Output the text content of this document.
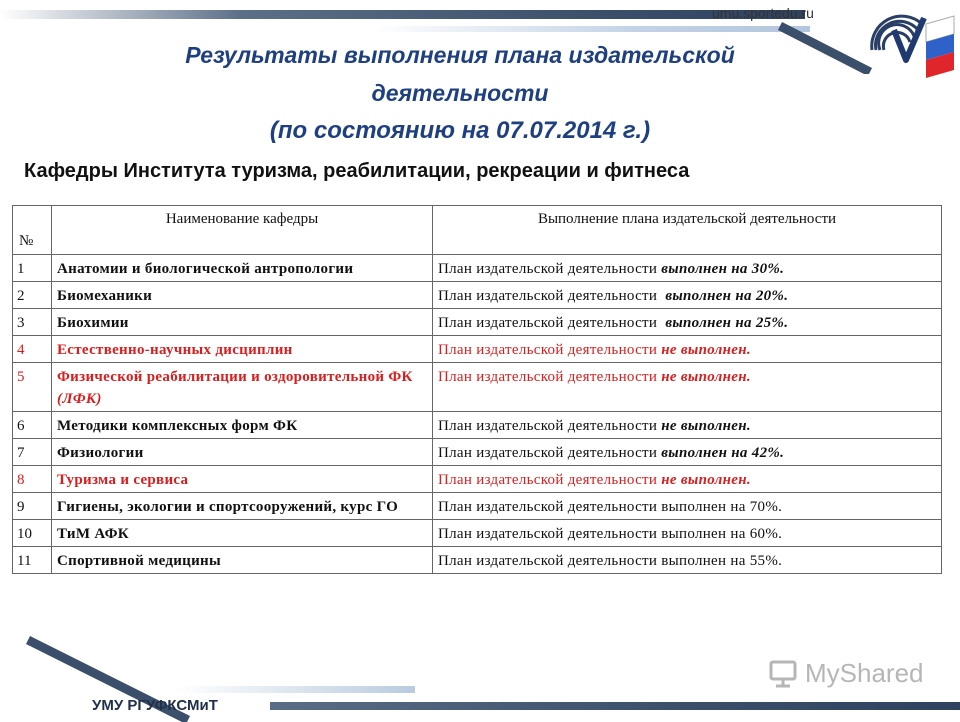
umu.sportedu.ru
Результаты выполнения плана издательской
деятельности
(по состоянию на 07.07.2014 г.)
Кафедры Института туризма, реабилитации, рекреации и фитнеса
№	Наименование кафедры	Выполнение плана издательской деятельности
1	Анатомии и биологической антропологии	План издательской деятельности выполнен на 30%.
2	Биомеханики	План издательской деятельности  выполнен на 20%.
3	Биохимии	План издательской деятельности  выполнен на 25%.
4	Естественно-научных дисциплин	План издательской деятельности не выполнен.
5	Физической реабилитации и оздоровительной ФК (ЛФК)	План издательской деятельности не выполнен.
6	Методики комплексных форм ФК	План издательской деятельности не выполнен.
7	Физиологии	План издательской деятельности выполнен на 42%.
8	Туризма и сервиса	План издательской деятельности не выполнен.
9	Гигиены, экологии и спортсооружений, курс ГО	План издательской деятельности выполнен на 70%.
10	ТиМ АФК	План издательской деятельности выполнен на 60%.
11	Спортивной медицины	План издательской деятельности выполнен на 55%.
УМУ РГУФКСМиТ
MyShared
